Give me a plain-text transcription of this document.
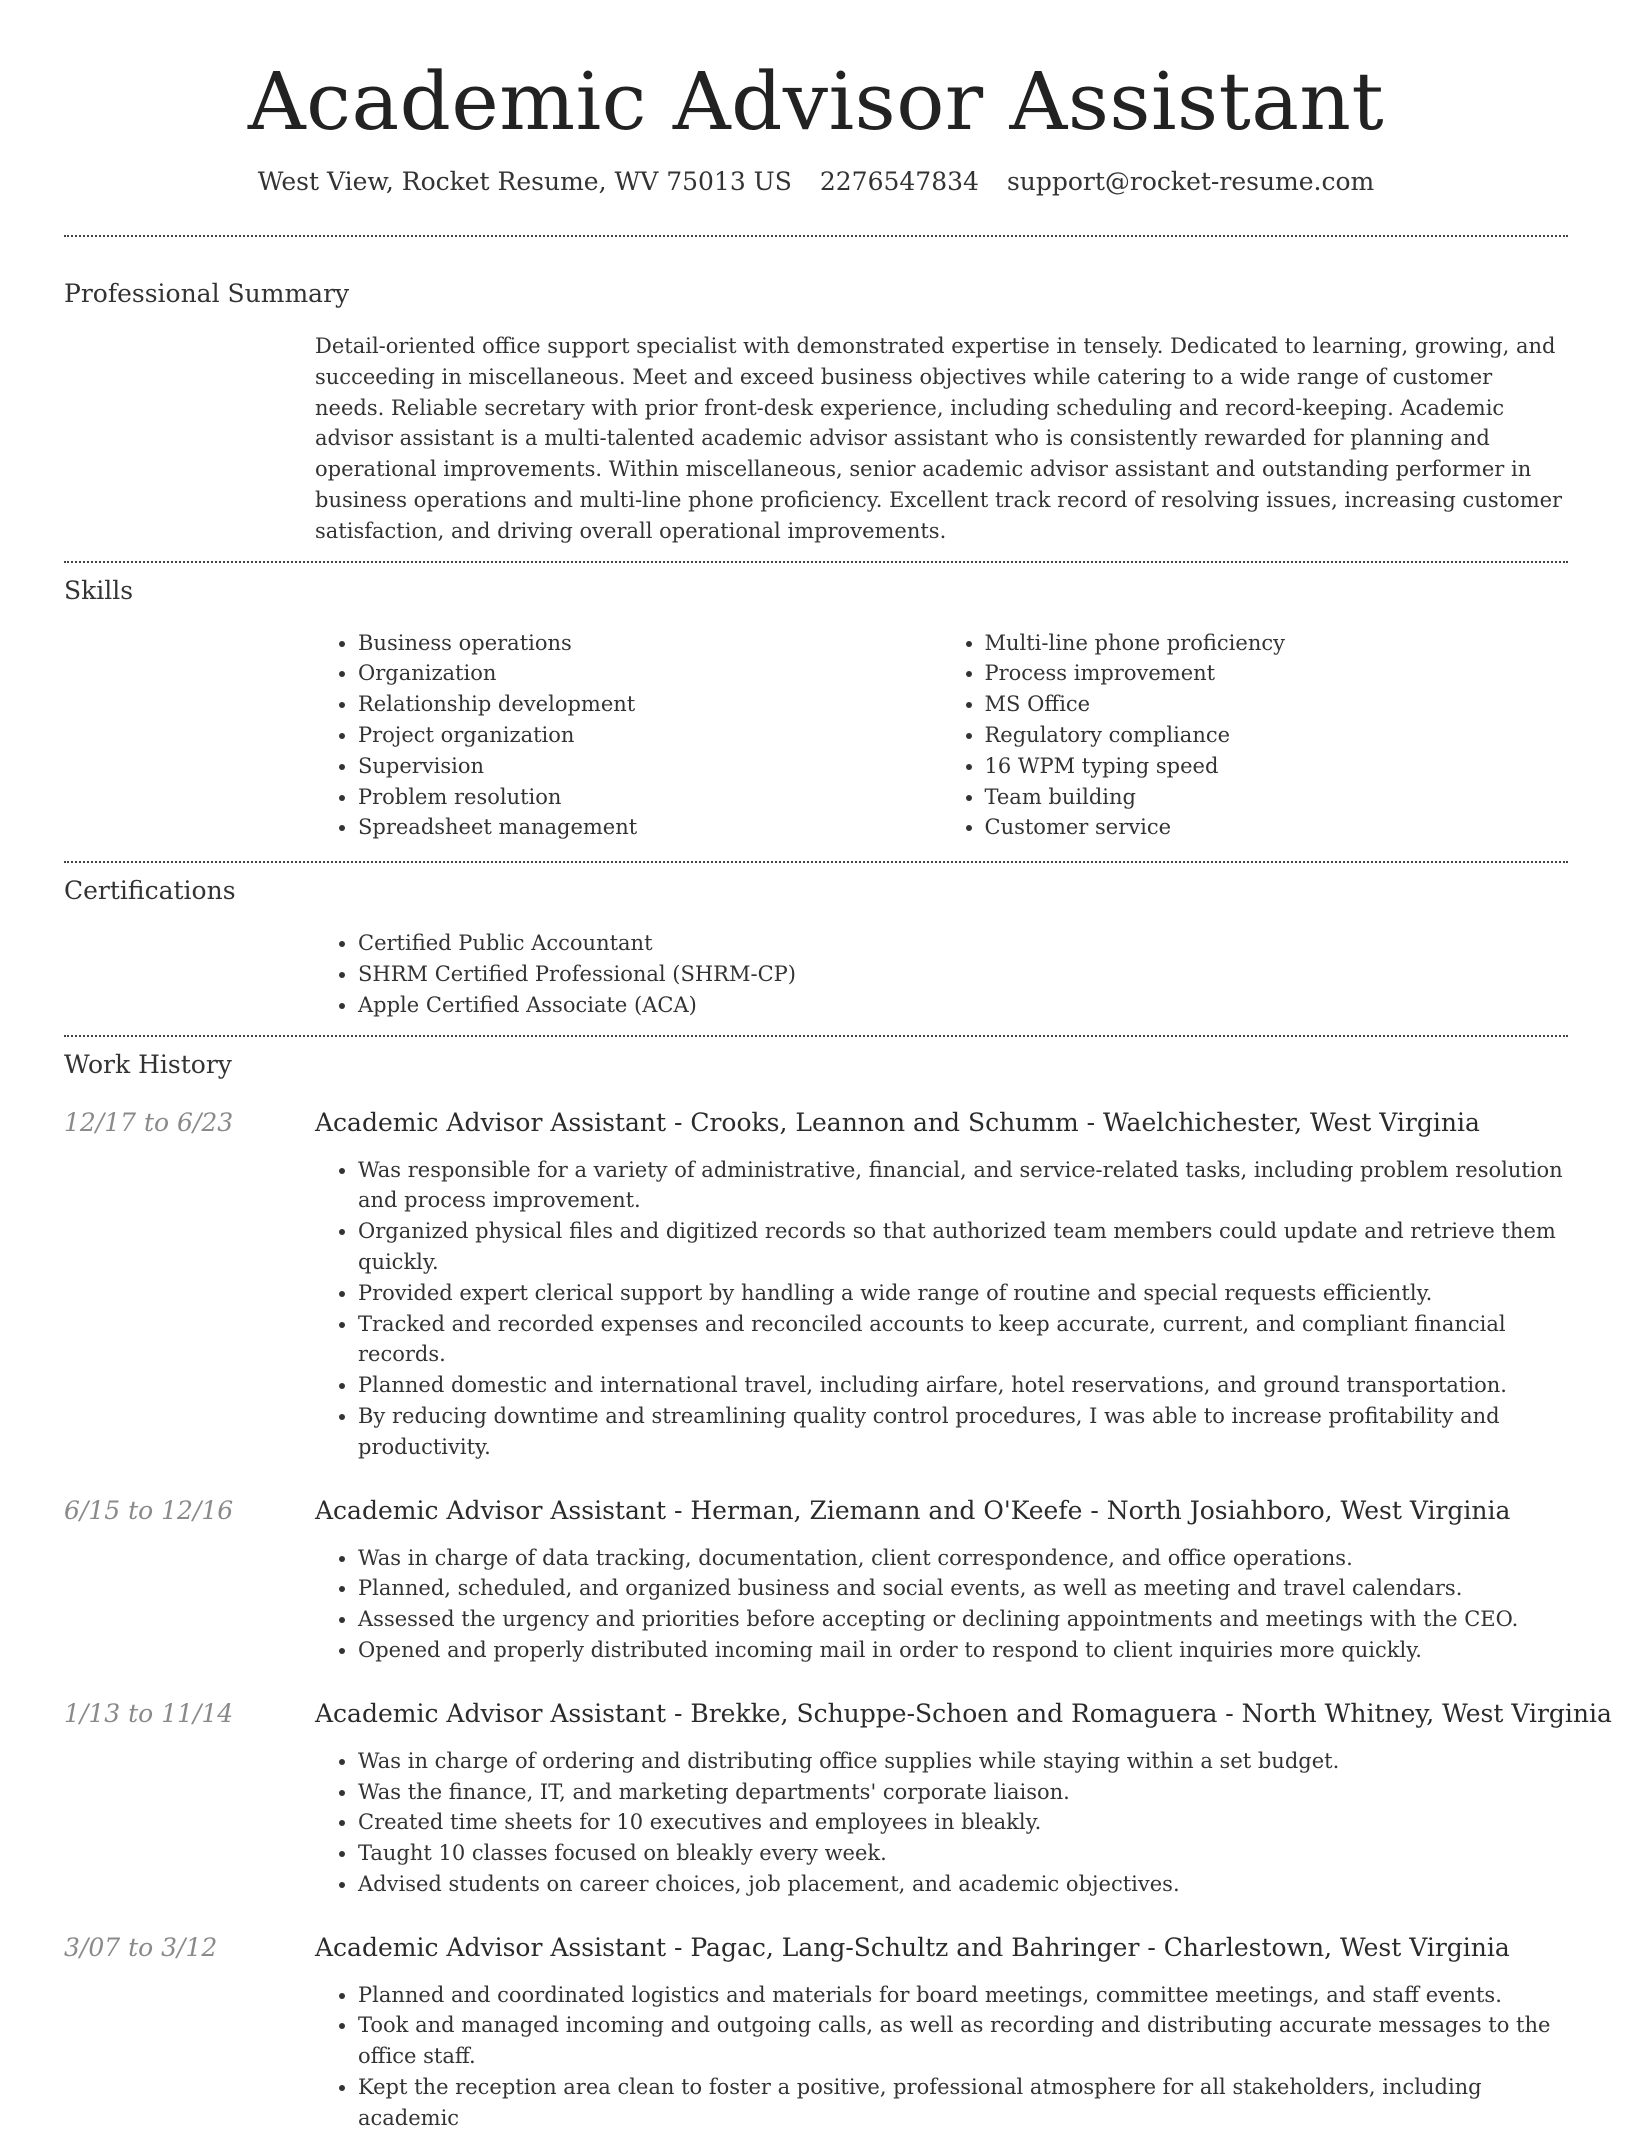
Academic Advisor Assistant
West View, Rocket Resume, WV 75013 US 2276547834 support@rocket-resume.com
Professional Summary

Detail-oriented office support specialist with demonstrated expertise in tensely. Dedicated to learning, growing, and succeeding in miscellaneous. Meet and exceed business objectives while catering to a wide range of customer needs. Reliable secretary with prior front-desk experience, including scheduling and record-keeping. Academic advisor assistant is a multi-talented academic advisor assistant who is consistently rewarded for planning and operational improvements. Within miscellaneous, senior academic advisor assistant and outstanding performer in business operations and multi-line phone proficiency. Excellent track record of resolving issues, increasing customer satisfaction, and driving overall operational improvements.

Skills
• Business operations
• Organization
• Relationship development
• Project organization
• Supervision
• Problem resolution
• Spreadsheet management
• Multi-line phone proficiency
• Process improvement
• MS Office
• Regulatory compliance
• 16 WPM typing speed
• Team building
• Customer service
Certifications
• Certified Public Accountant
• SHRM Certified Professional (SHRM-CP)
• Apple Certified Associate (ACA)
Work History
12/17 to 6/23	Academic Advisor Assistant - Crooks, Leannon and Schumm - Waelchichester, West Virginia
• Was responsible for a variety of administrative, financial, and service-related tasks, including problem resolution and process improvement.
• Organized physical files and digitized records so that authorized team members could update and retrieve them quickly.
• Provided expert clerical support by handling a wide range of routine and special requests efficiently.
• Tracked and recorded expenses and reconciled accounts to keep accurate, current, and compliant financial records.
• Planned domestic and international travel, including airfare, hotel reservations, and ground transportation.
• By reducing downtime and streamlining quality control procedures, I was able to increase profitability and productivity.
6/15 to 12/16	Academic Advisor Assistant - Herman, Ziemann and O'Keefe - North Josiahboro, West Virginia
• Was in charge of data tracking, documentation, client correspondence, and office operations.
• Planned, scheduled, and organized business and social events, as well as meeting and travel calendars.
• Assessed the urgency and priorities before accepting or declining appointments and meetings with the CEO.
• Opened and properly distributed incoming mail in order to respond to client inquiries more quickly.
1/13 to 11/14	Academic Advisor Assistant - Brekke, Schuppe-Schoen and Romaguera - North Whitney, West Virginia
• Was in charge of ordering and distributing office supplies while staying within a set budget.
• Was the finance, IT, and marketing departments' corporate liaison.
• Created time sheets for 10 executives and employees in bleakly.
• Taught 10 classes focused on bleakly every week.
• Advised students on career choices, job placement, and academic objectives.
3/07 to 3/12	Academic Advisor Assistant - Pagac, Lang-Schultz and Bahringer - Charlestown, West Virginia
• Planned and coordinated logistics and materials for board meetings, committee meetings, and staff events.
• Took and managed incoming and outgoing calls, as well as recording and distributing accurate messages to the office staff.
• Kept the reception area clean to foster a positive, professional atmosphere for all stakeholders, including academic
